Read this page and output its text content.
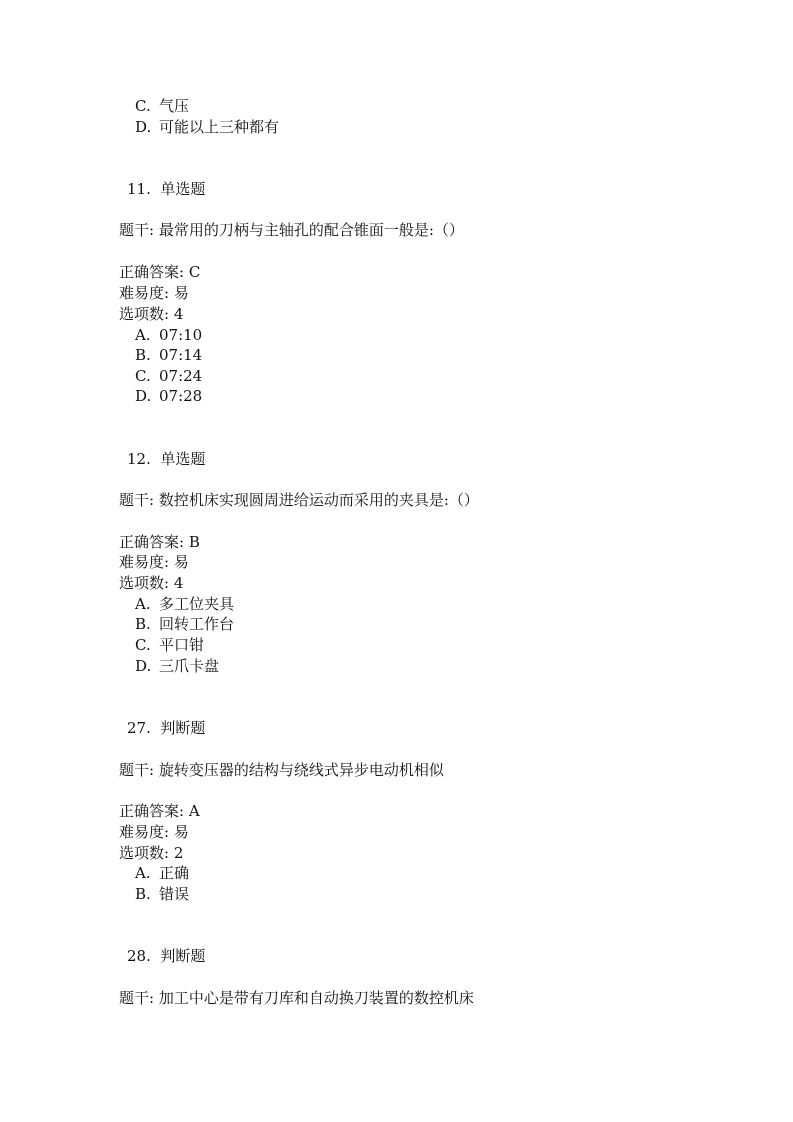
C. 气压
D. 可能以上三种都有
11. 单选题
题干: 最常用的刀柄与主轴孔的配合锥面一般是:（）
正确答案: C
难易度: 易
选项数: 4
A. 07:10
B. 07:14
C. 07:24
D. 07:28
12. 单选题
题干: 数控机床实现圆周进给运动而采用的夹具是:（）
正确答案: B
难易度: 易
选项数: 4
A. 多工位夹具
B. 回转工作台
C. 平口钳
D. 三爪卡盘
27. 判断题
题干: 旋转变压器的结构与绕线式异步电动机相似
正确答案: A
难易度: 易
选项数: 2
A. 正确
B. 错误
28. 判断题
题干: 加工中心是带有刀库和自动换刀装置的数控机床
